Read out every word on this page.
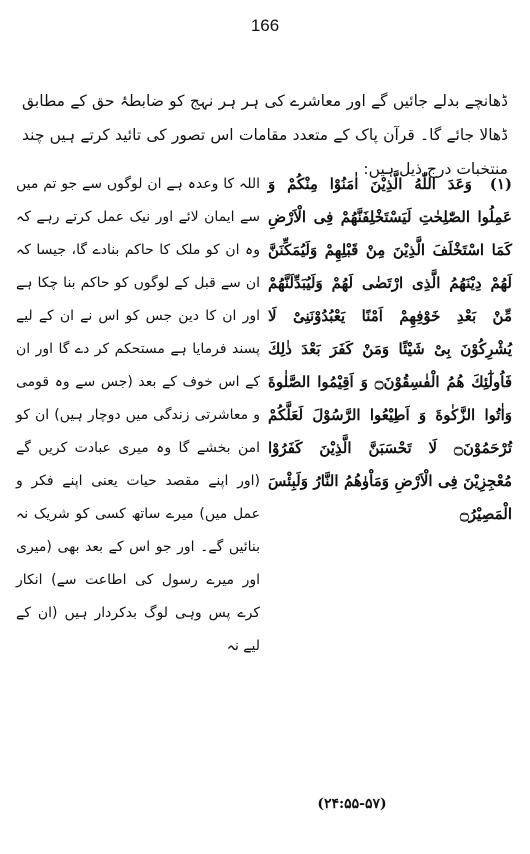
166

ڈھانچے بدلے جائیں گے اور معاشرے کی ہر ہر نہج کو ضابطۂ حق کے مطابق ڈھالا جائے گا۔ قرآن پاک کے متعدد مقامات اس تصور کی تائید کرتے ہیں چند منتخبات درج ذیل ہیں:

(۱) وَعَدَ اللّٰهُ الَّذِيْنَ اٰمَنُوْا مِنْكُمْ وَ عَمِلُوا الصّٰلِحٰتِ لَيَسْتَخْلِفَنَّهُمْ فِى الْاَرْضِ كَمَا اسْتَخْلَفَ الَّذِيْنَ مِنْ قَبْلِهِمْ وَلَيُمَكِّنَنَّ لَهُمْ دِيْنَهُمُ الَّذِى ارْتَضٰى لَهُمْ وَلَيُبَدِّلَنَّهُمْ مِّنْ بَعْدِ خَوْفِهِمْ اَمْنًا يَعْبُدُوْنَنِىْ لَا يُشْرِكُوْنَ بِىْ شَيْئًا وَمَنْ كَفَرَ بَعْدَ ذٰلِكَ فَاُولٰٓئِكَ هُمُ الْفٰسِقُوْنَ۝ وَ اَقِيْمُوا الصَّلٰوةَ وَاٰتُوا الزَّكٰوةَ وَ اَطِيْعُوا الرَّسُوْلَ لَعَلَّكُمْ تُرْحَمُوْنَ۝ لَا تَحْسَبَنَّ الَّذِيْنَ كَفَرُوْا مُعْجِزِيْنَ فِى الْاَرْضِ وَمَاْوٰهُمُ النَّارُ وَلَبِئْسَ الْمَصِيْرُ۝
اللہ کا وعدہ ہے ان لوگوں سے جو تم میں سے ایمان لائے اور نیک عمل کرتے رہے کہ وہ ان کو ملک کا حاکم بنادے گا، جیسا کہ ان سے قبل کے لوگوں کو حاکم بنا چکا ہے اور ان کا دین جس کو اس نے ان کے لیے پسند فرمایا ہے مستحکم کر دے گا اور ان کے اس خوف کے بعد (جس سے وہ قومی و معاشرتی زندگی میں دوچار ہیں) ان کو امن بخشے گا وہ میری عبادت کریں گے (اور اپنے مقصد حیات یعنی اپنے فکر و عمل میں) میرے ساتھ کسی کو شریک نہ بنائیں گے۔ اور جو اس کے بعد بھی (میری اور میرے رسول کی اطاعت سے) انکار کرے پس وہی لوگ بدکردار ہیں (ان کے لیے نہ
(۲۴:۵۵-۵۷)
